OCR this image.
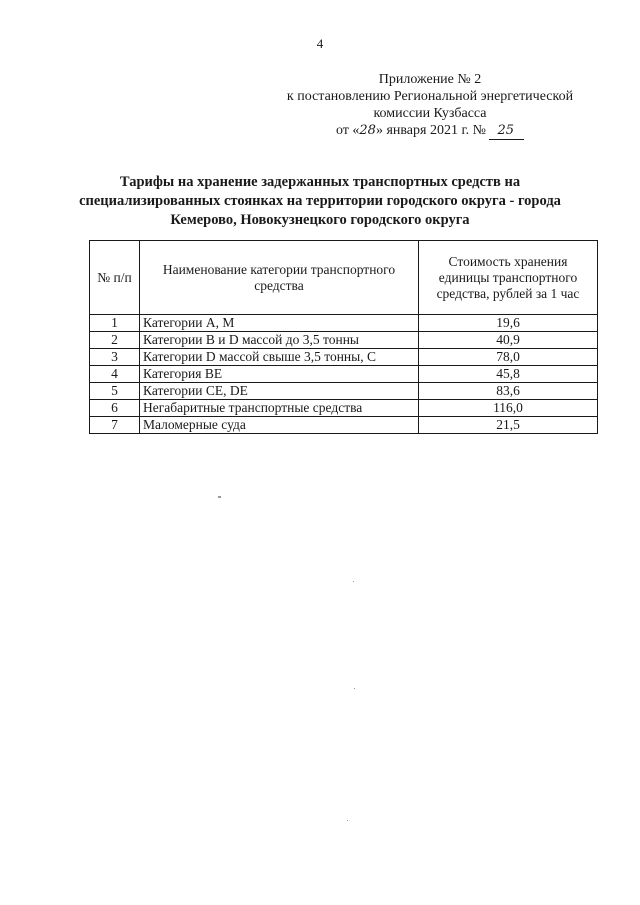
4
Приложение № 2
к постановлению Региональной энергетической
комиссии Кузбасса
от «28» января 2021 г. № 25
Тарифы на хранение задержанных транспортных средств на специализированных стоянках на территории городского округа - города Кемерово, Новокузнецкого городского округа
№ п/п	Наименование категории транспортного средства	Стоимость хранения единицы транспортного средства, рублей за 1 час
1	Категории А, М	19,6
2	Категории В и D массой до 3,5 тонны	40,9
3	Категории D массой свыше 3,5 тонны, С	78,0
4	Категория ВЕ	45,8
5	Категории СЕ, DE	83,6
6	Негабаритные транспортные средства	116,0
7	Маломерные суда	21,5
